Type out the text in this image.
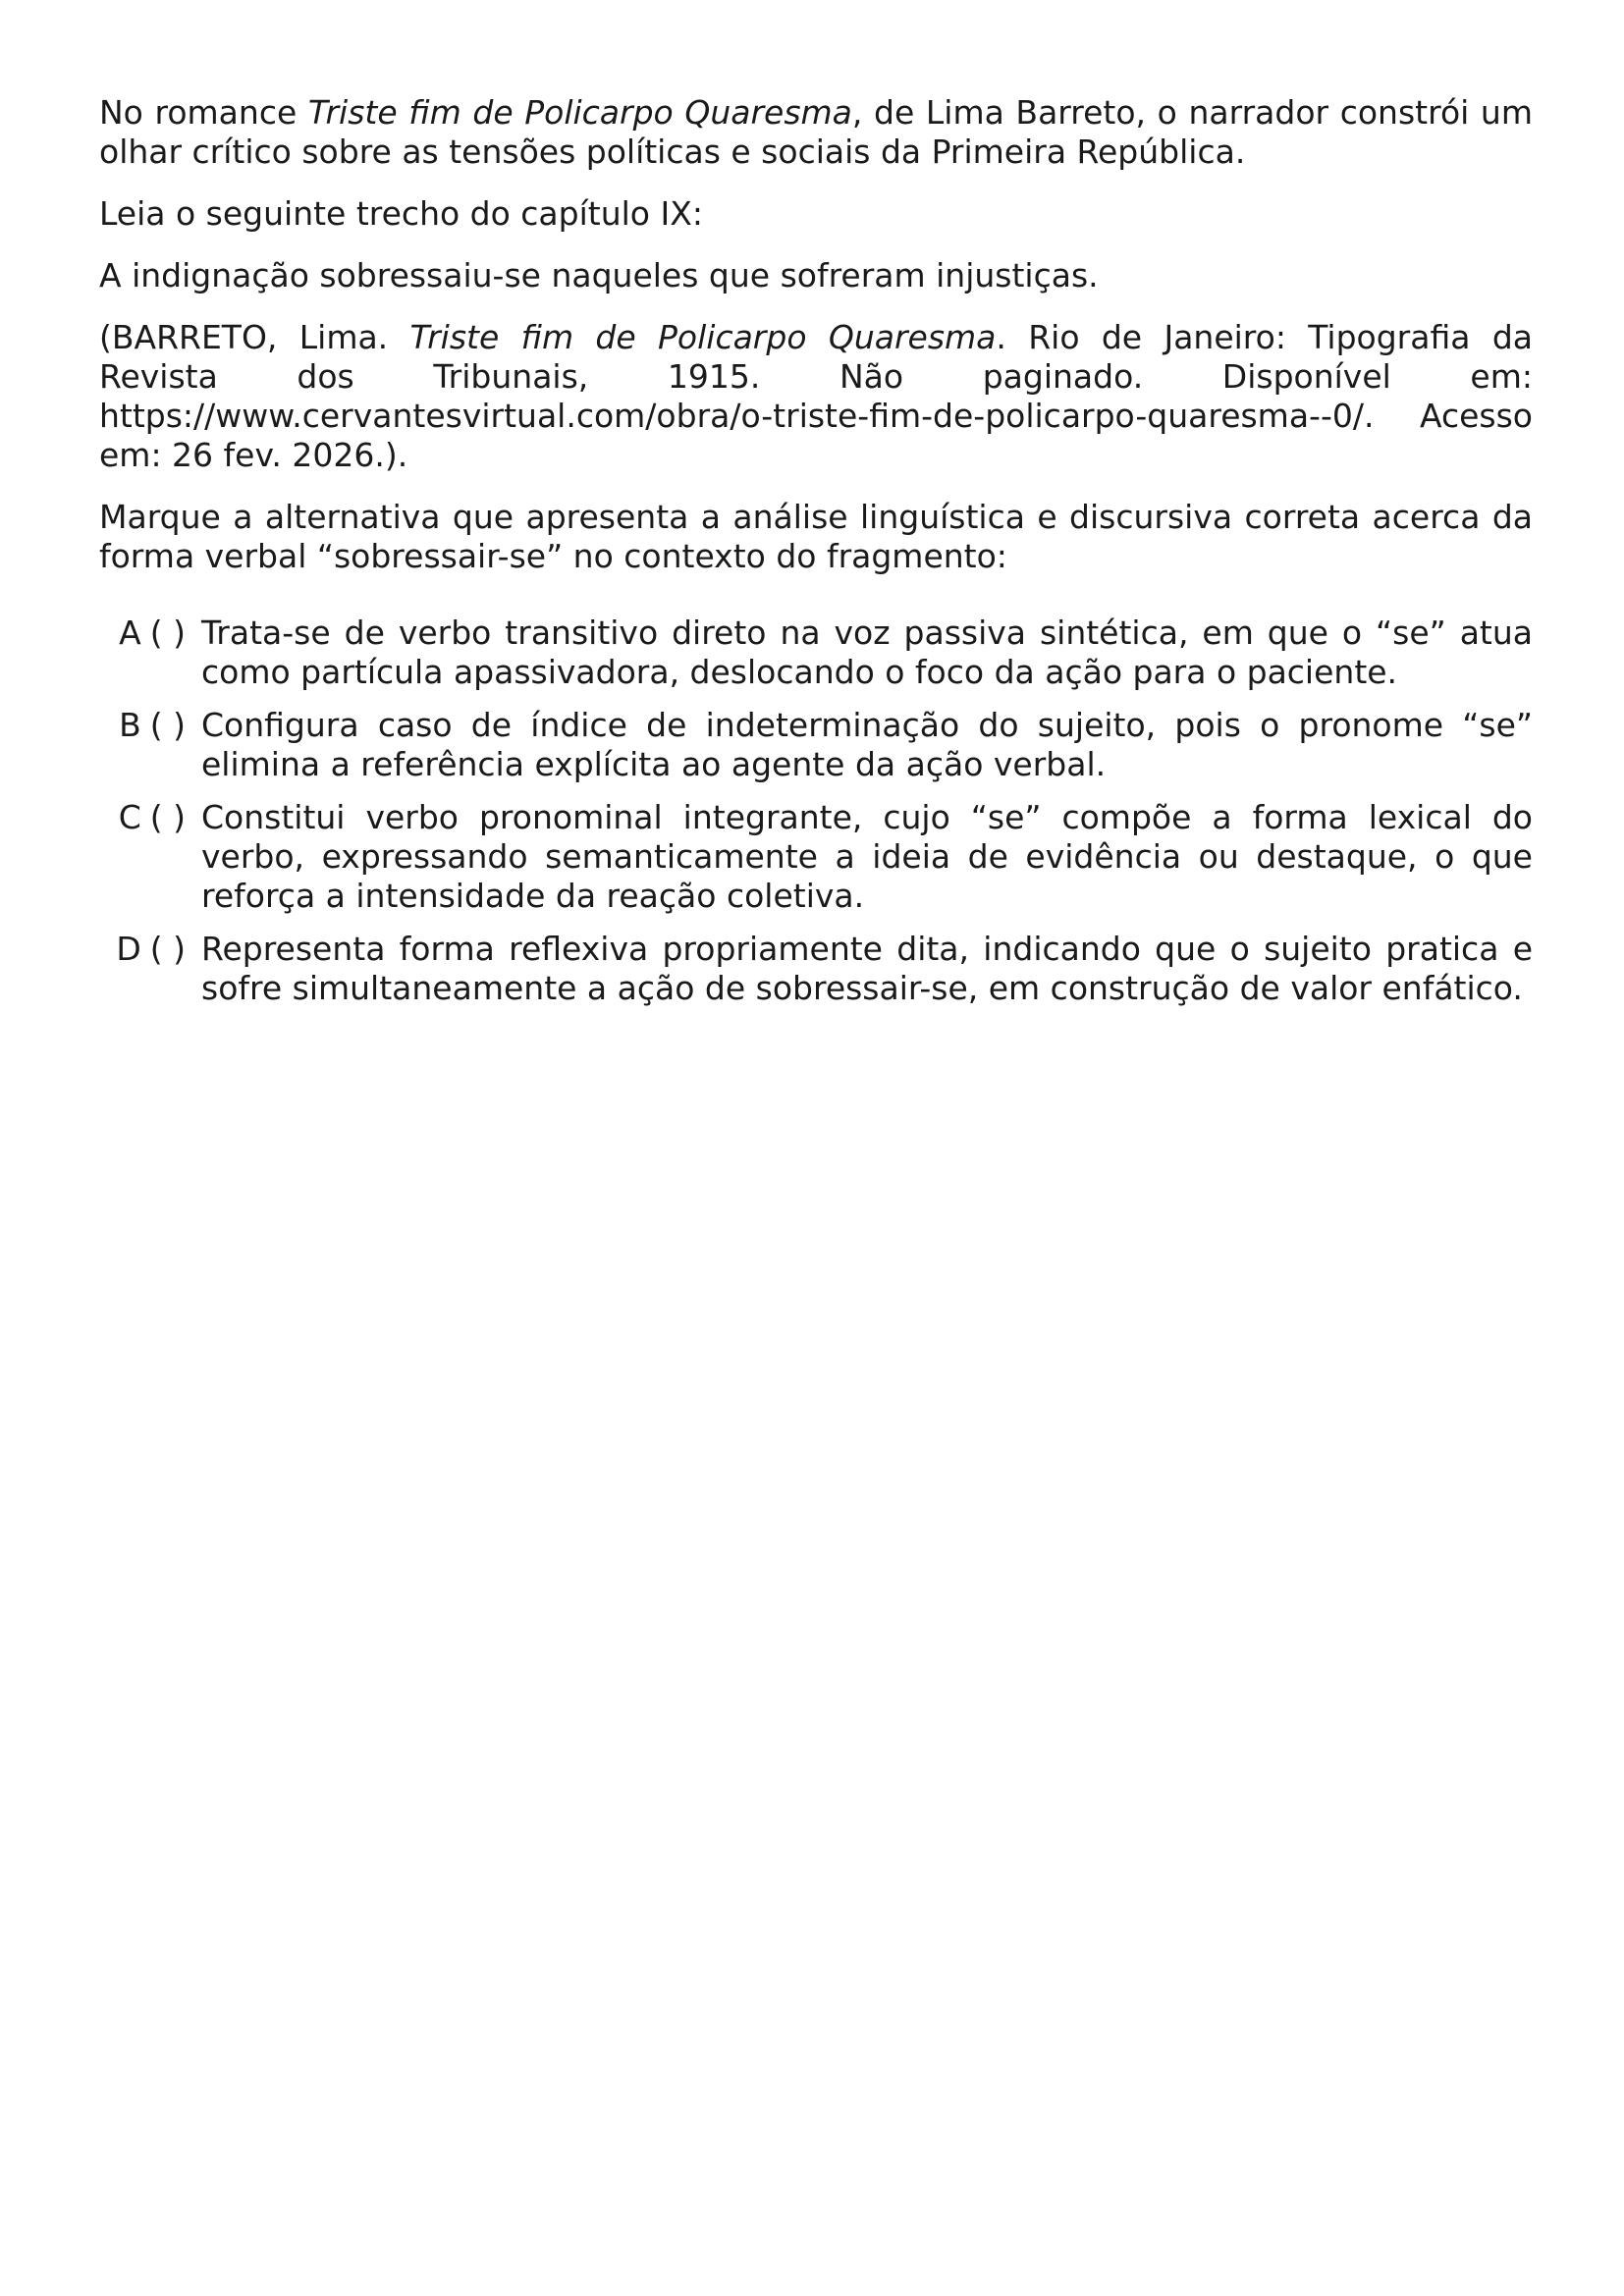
No romance Triste fim de Policarpo Quaresma, de Lima Barreto, o narrador constrói um olhar crítico sobre as tensões políticas e sociais da Primeira República.

Leia o seguinte trecho do capítulo IX:

A indignação sobressaiu-se naqueles que sofreram injustiças.

(BARRETO, Lima. Triste fim de Policarpo Quaresma. Rio de Janeiro: Tipografia da Revista dos Tribunais, 1915. Não paginado. Disponível em: https://www.cervantesvirtual.com/obra/o-triste-fim-de-policarpo-quaresma--0/. Acesso em: 26 fev. 2026.).

Marque a alternativa que apresenta a análise linguística e discursiva correta acerca da forma verbal “sobressair-se” no contexto do fragmento:

A ( ) Trata-se de verbo transitivo direto na voz passiva sintética, em que o “se” atua como partícula apassivadora, deslocando o foco da ação para o paciente.
B ( ) Configura caso de índice de indeterminação do sujeito, pois o pronome “se” elimina a referência explícita ao agente da ação verbal.
C ( ) Constitui verbo pronominal integrante, cujo “se” compõe a forma lexical do verbo, expressando semanticamente a ideia de evidência ou destaque, o que reforça a intensidade da reação coletiva.
D ( ) Representa forma reflexiva propriamente dita, indicando que o sujeito pratica e sofre simultaneamente a ação de sobressair-se, em construção de valor enfático.
